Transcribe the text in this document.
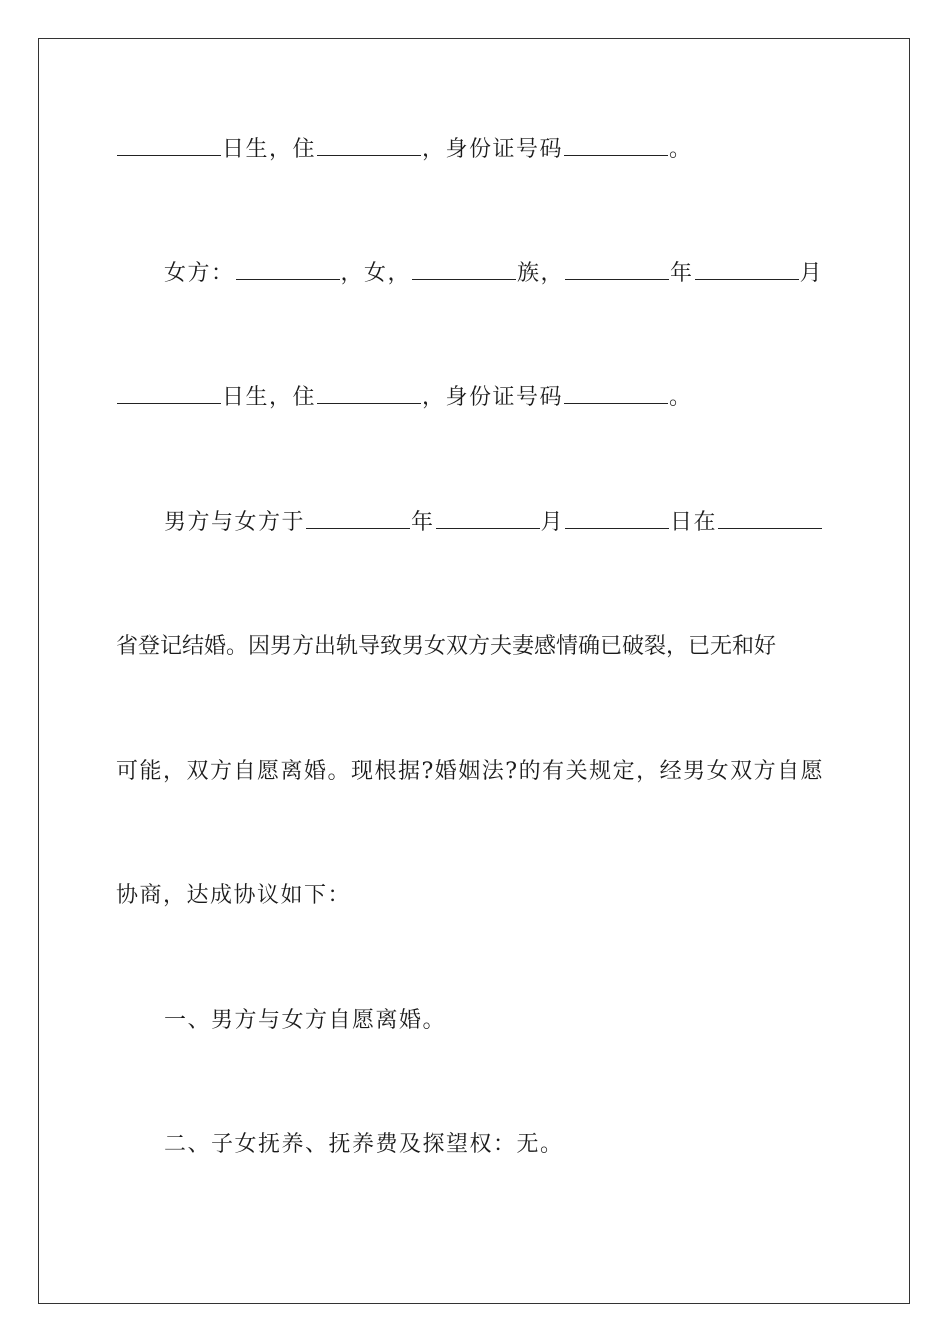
日生，住	，身份证号码	。
女方：	，女，	族，	年	月
日生，住	，身份证号码	。
男方与女方于	年	月	日在
省登记结婚。因男方出轨导致男女双方夫妻感情确已破裂，已无和好
可能，双方自愿离婚。现根据?婚姻法?的有关规定，经男女双方自愿
协商，达成协议如下：
一、男方与女方自愿离婚。
二、子女抚养、抚养费及探望权：无。
